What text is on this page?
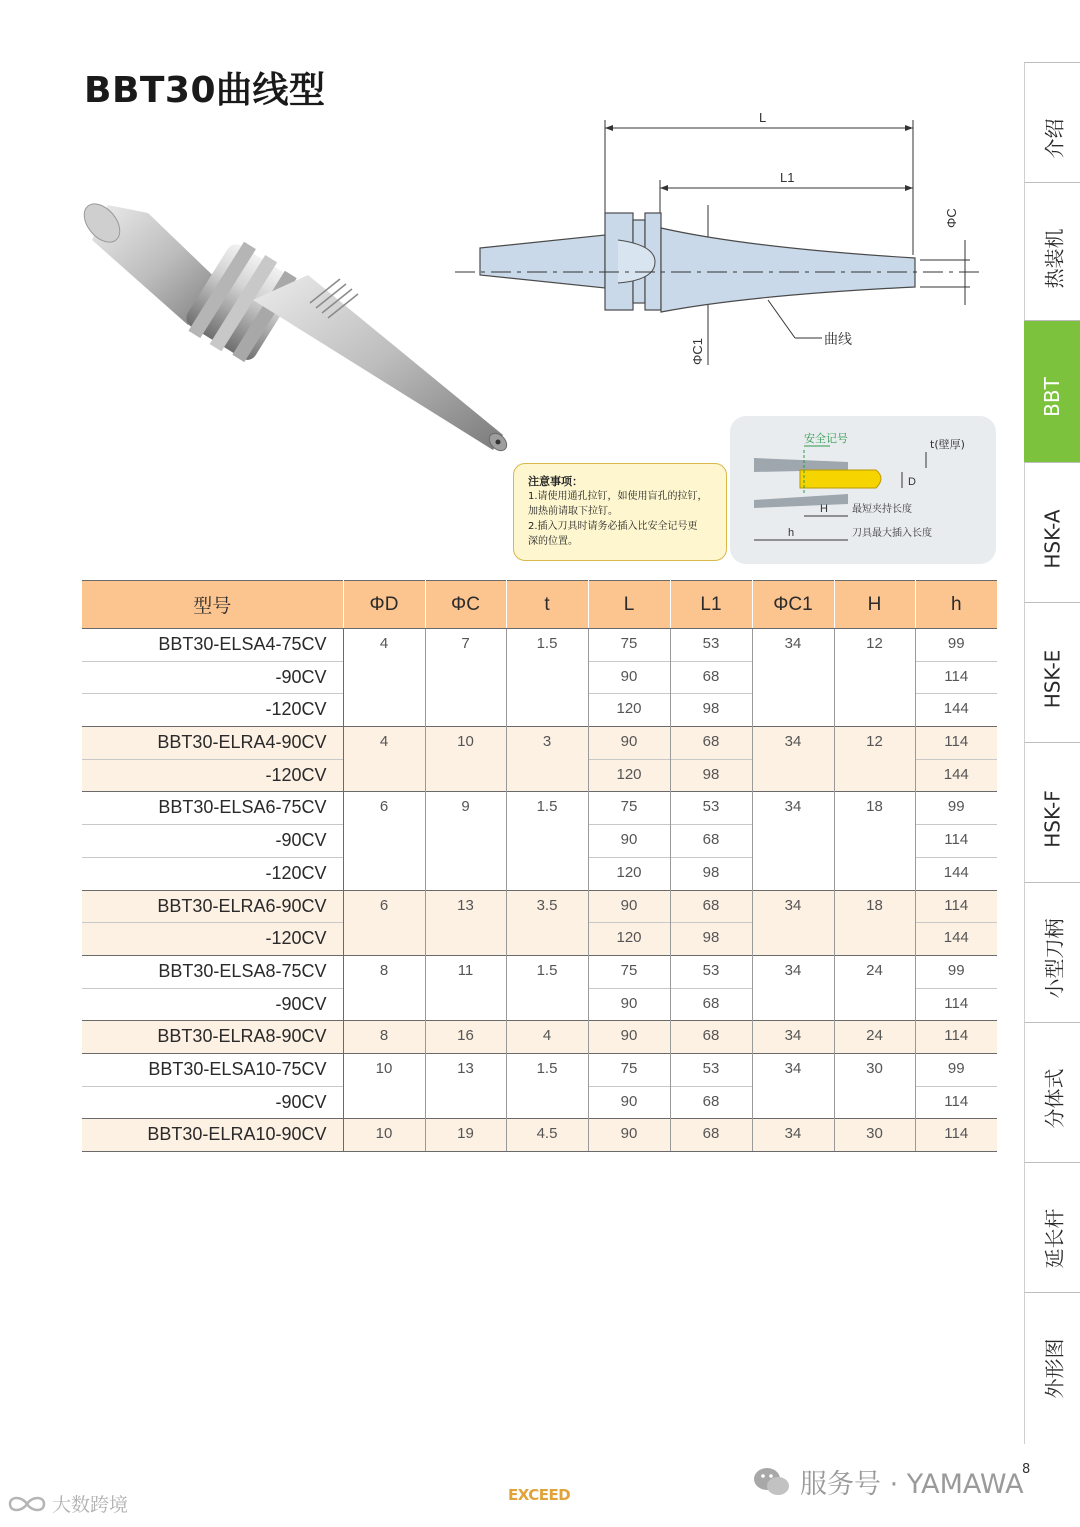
BBT30曲线型
L
L1
ΦC
ΦC1	曲线
注意事项：
1.请使用通孔拉钉，如使用盲孔的拉钉，
加热前请取下拉钉。
2.插入刀具时请务必插入比安全记号更
深的位置。
安全记号	t(壁厚)
D
H 最短夹持长度
h	刀具最大插入长度
型号	ΦD	ΦC	t	L	L1	ΦC1	H	h
BBT30-ELSA4-75CV	4	7	1.5	75	53	34	12	99
-90CV				90	68			114
-120CV				120	98			144
BBT30-ELRA4-90CV	4	10	3	90	68	34	12	114
-120CV				120	98			144
BBT30-ELSA6-75CV	6	9	1.5	75	53	34	18	99
-90CV				90	68			114
-120CV				120	98			144
BBT30-ELRA6-90CV	6	13	3.5	90	68	34	18	114
-120CV				120	98			144
BBT30-ELSA8-75CV	8	11	1.5	75	53	34	24	99
-90CV				90	68			114
BBT30-ELRA8-90CV	8	16	4	90	68	34	24	114
BBT30-ELSA10-75CV	10	13	1.5	75	53	34	30	99
-90CV				90	68			114
BBT30-ELRA10-90CV	10	19	4.5	90	68	34	30	114
介绍
热装机
BBT
HSK-A
HSK-E
HSK-F
小型刀柄
分体式
延长杆
外形图
8
EXCEED	服务号 · YAMAWA
大数跨境
